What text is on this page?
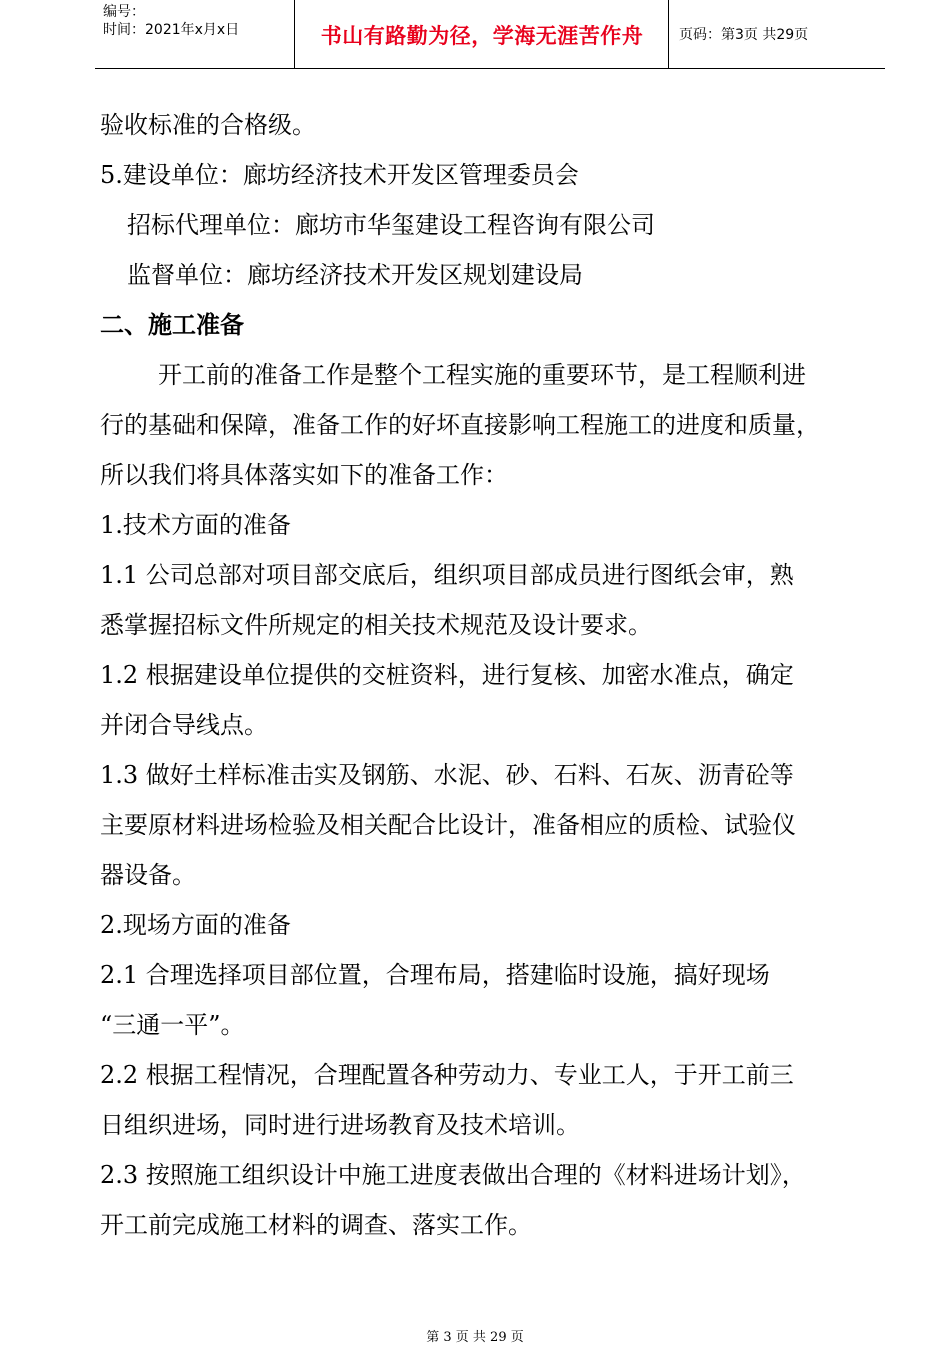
编号：
时间：2021年x月x日	书山有路勤为径，学海无涯苦作舟	页码：第3页 共29页
验收标准的合格级。
5.建设单位：廊坊经济技术开发区管理委员会
招标代理单位：廊坊市华玺建设工程咨询有限公司
监督单位：廊坊经济技术开发区规划建设局
二、施工准备
开工前的准备工作是整个工程实施的重要环节，是工程顺利进
行的基础和保障，准备工作的好坏直接影响工程施工的进度和质量，
所以我们将具体落实如下的准备工作：
1.技术方面的准备
1.1 公司总部对项目部交底后，组织项目部成员进行图纸会审，熟
悉掌握招标文件所规定的相关技术规范及设计要求。
1.2 根据建设单位提供的交桩资料，进行复核、加密水准点，确定
并闭合导线点。
1.3 做好土样标准击实及钢筋、水泥、砂、石料、石灰、沥青砼等
主要原材料进场检验及相关配合比设计，准备相应的质检、试验仪
器设备。
2.现场方面的准备
2.1 合理选择项目部位置，合理布局，搭建临时设施，搞好现场
“三通一平”。
2.2 根据工程情况，合理配置各种劳动力、专业工人，于开工前三
日组织进场，同时进行进场教育及技术培训。
2.3 按照施工组织设计中施工进度表做出合理的《材料进场计划》，
开工前完成施工材料的调查、落实工作。
第 3 页 共 29 页
